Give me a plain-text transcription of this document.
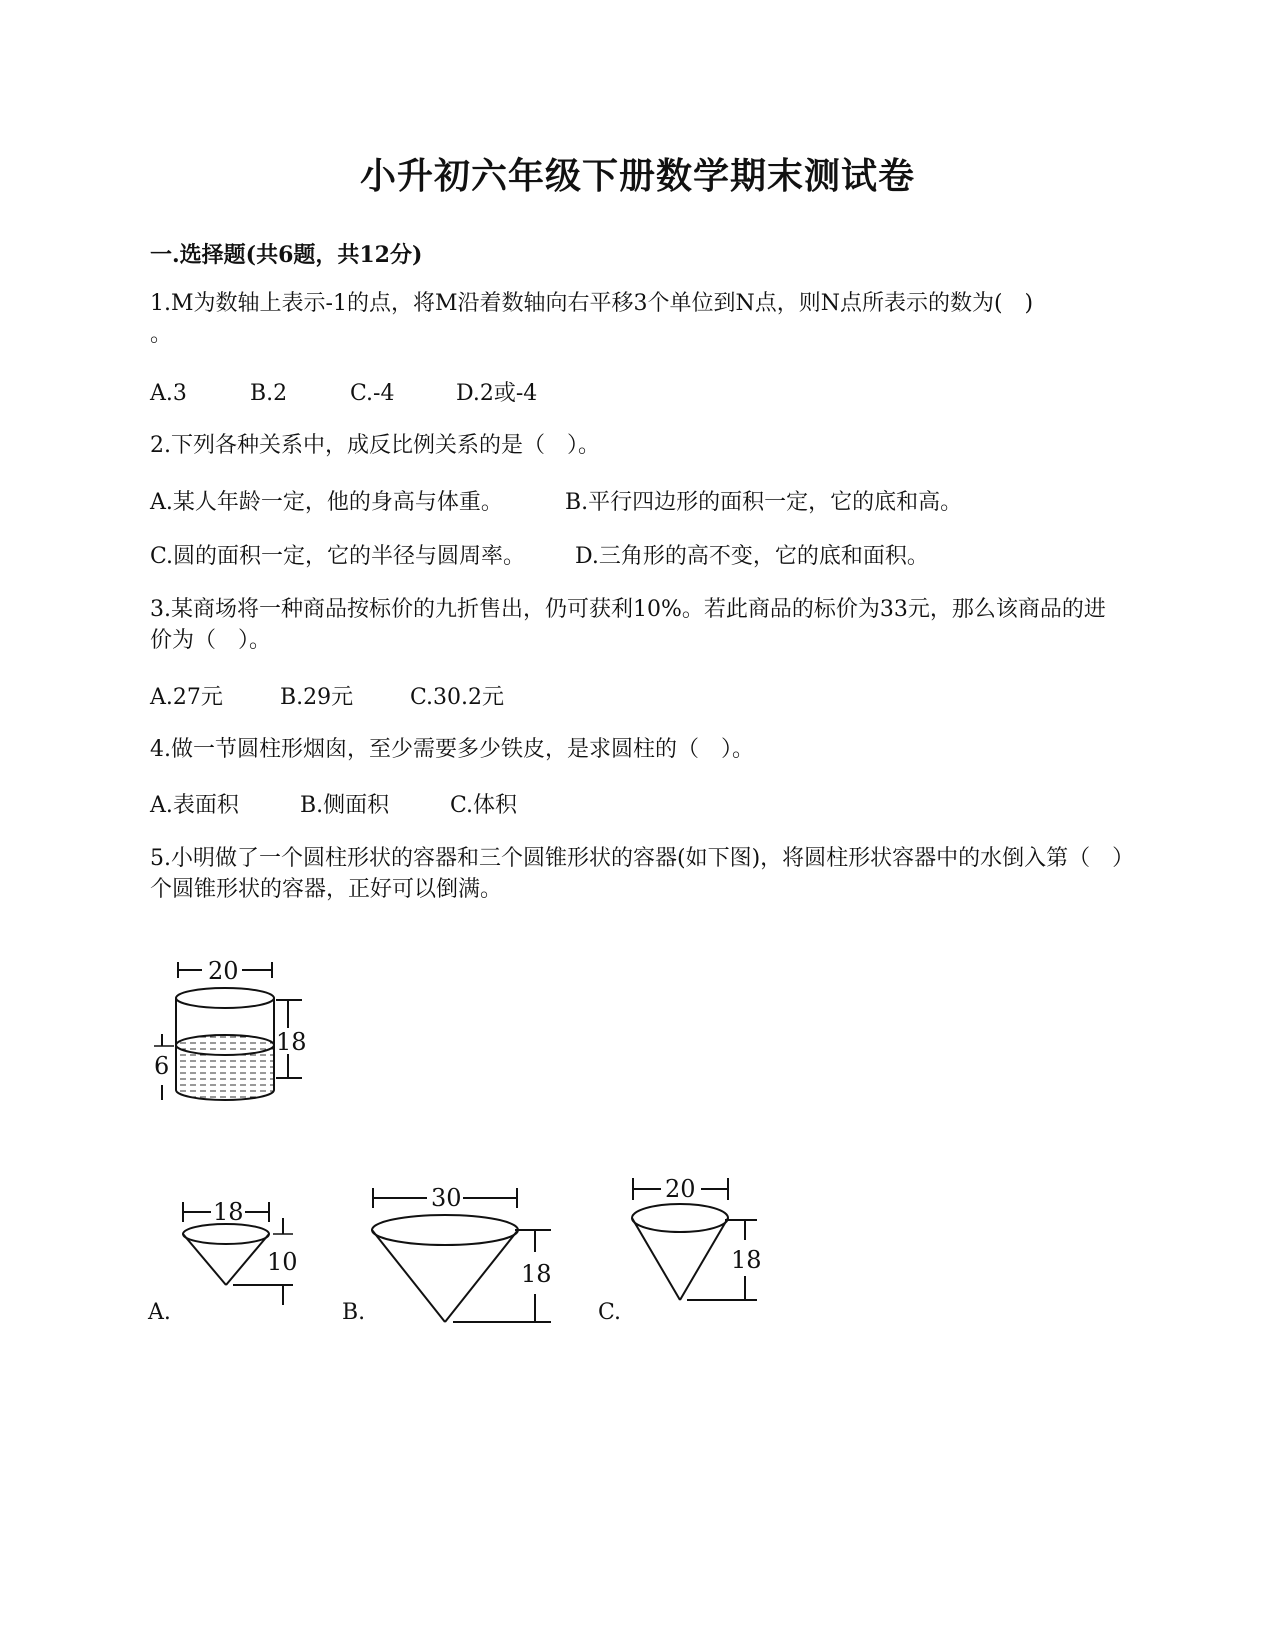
小升初六年级下册数学期末测试卷
一.选择题(共6题，共12分)
1.M为数轴上表示-1的点，将M沿着数轴向右平移3个单位到N点，则N点所表示的数为(　)
。
A.3	B.2	C.-4	D.2或-4
2.下列各种关系中，成反比例关系的是（　）。
A.某人年龄一定，他的身高与体重。	B.平行四边形的面积一定，它的底和高。
C.圆的面积一定，它的半径与圆周率。 D.三角形的高不变，它的底和面积。
3.某商场将一种商品按标价的九折售出，仍可获利10%。若此商品的标价为33元，那么该商品的进价为（　）。
A.27元	B.29元	C.30.2元
4.做一节圆柱形烟囱，至少需要多少铁皮，是求圆柱的（　）。
A.表面积	B.侧面积	C.体积
5.小明做了一个圆柱形状的容器和三个圆锥形状的容器(如下图)，将圆柱形状容器中的水倒入第（　）个圆锥形状的容器，正好可以倒满。
20
18
6
18
10
30
18
20
18
A.	B.	C.
